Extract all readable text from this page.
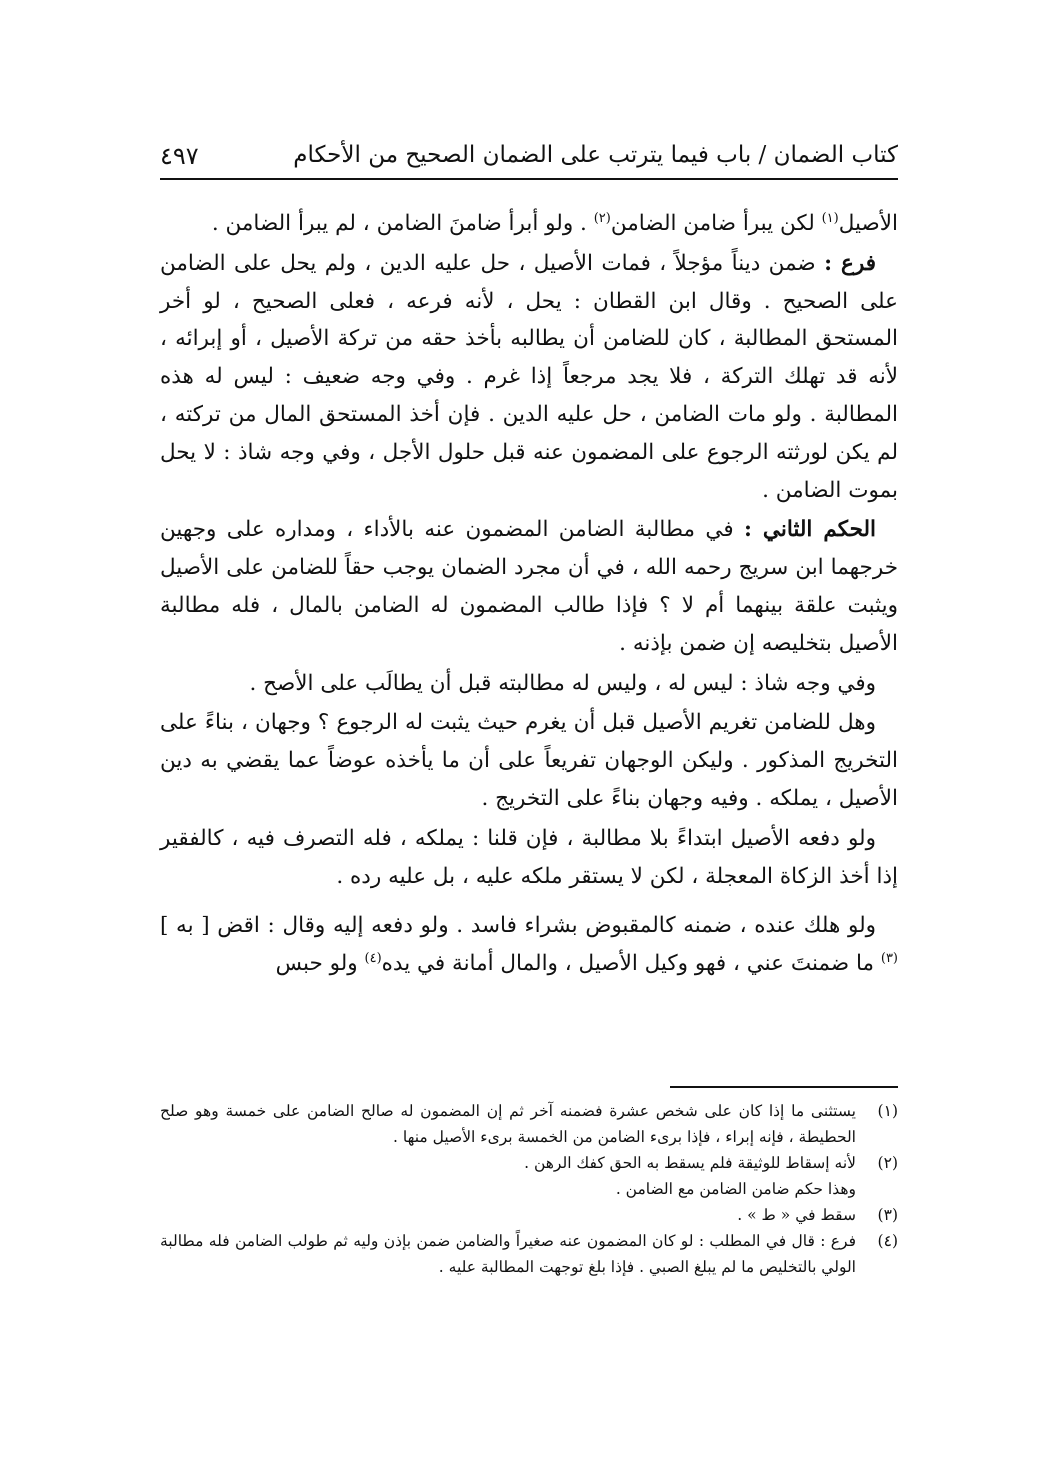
كتاب الضمان / باب فيما يترتب على الضمان الصحيح من الأحكام
٤٩٧

الأصيل$^{(١)}$ لكن يبرأ ضامن الضامن$^{(٢)}$ . ولو أبرأ ضامنَ الضامن ، لم يبرأ الضامن .

فرع : ضمن ديناً مؤجلاً ، فمات الأصيل ، حل عليه الدين ، ولم يحل على الضامن على الصحيح . وقال ابن القطان : يحل ، لأنه فرعه ، فعلى الصحيح ، لو أخر المستحق المطالبة ، كان للضامن أن يطالبه بأخذ حقه من تركة الأصيل ، أو إبرائه ، لأنه قد تهلك التركة ، فلا يجد مرجعاً إذا غرم . وفي وجه ضعيف : ليس له هذه المطالبة . ولو مات الضامن ، حل عليه الدين . فإن أخذ المستحق المال من تركته ، لم يكن لورثته الرجوع على المضمون عنه قبل حلول الأجل ، وفي وجه شاذ : لا يحل بموت الضامن .

الحكم الثاني : في مطالبة الضامن المضمون عنه بالأداء ، ومداره على وجهين خرجهما ابن سريج رحمه الله ، في أن مجرد الضمان يوجب حقاً للضامن على الأصيل ويثبت علقة بينهما أم لا ؟ فإذا طالب المضمون له الضامن بالمال ، فله مطالبة الأصيل بتخليصه إن ضمن بإذنه .

وفي وجه شاذ : ليس له ، وليس له مطالبته قبل أن يطالَب على الأصح .

وهل للضامن تغريم الأصيل قبل أن يغرم حيث يثبت له الرجوع ؟ وجهان ، بناءً على التخريج المذكور . وليكن الوجهان تفريعاً على أن ما يأخذه عوضاً عما يقضي به دين الأصيل ، يملكه . وفيه وجهان بناءً على التخريج .

ولو دفعه الأصيل ابتداءً بلا مطالبة ، فإن قلنا : يملكه ، فله التصرف فيه ، كالفقير إذا أخذ الزكاة المعجلة ، لكن لا يستقر ملكه عليه ، بل عليه رده .

ولو هلك عنده ، ضمنه كالمقبوض بشراء فاسد . ولو دفعه إليه وقال : اقض [ به ]$^{(٣)}$ ما ضمنتَ عني ، فهو وكيل الأصيل ، والمال أمانة في يده$^{(٤)}$ ولو حبس

(١)

يستثنى ما إذا كان على شخص عشرة فضمنه آخر ثم إن المضمون له صالح الضامن على خمسة وهو صلح الحطيطة ، فإنه إبراء ، فإذا برىء الضامن من الخمسة برىء الأصيل منها .

(٢)

لأنه إسقاط للوثيقة فلم يسقط به الحق كفك الرهن .

وهذا حكم ضامن الضامن مع الضامن .

(٣)

سقط في « ط » .

(٤)

فرع : قال في المطلب : لو كان المضمون عنه صغيراً والضامن ضمن بإذن وليه ثم طولب الضامن فله مطالبة الولي بالتخليص ما لم يبلغ الصبي . فإذا بلغ توجهت المطالبة عليه .
